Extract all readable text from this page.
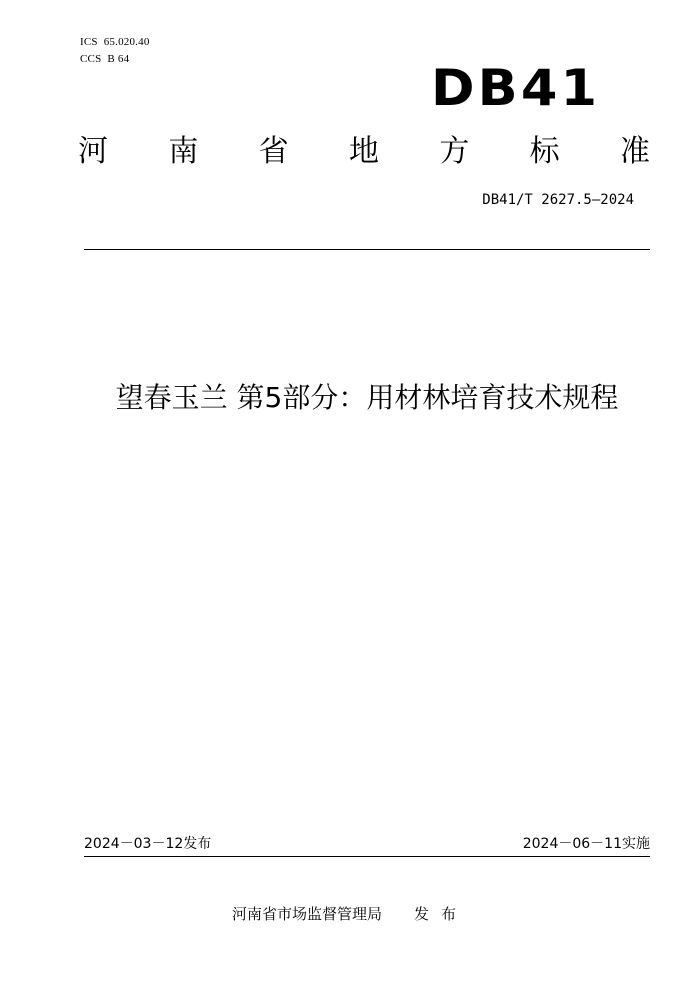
ICS 65.020.40
CCS B 64	DB41
河 南 省 地 方 标 准
DB41/T 2627.5—2024
望春玉兰 第5部分：用材林培育技术规程
2024－03－12发布	2024－06－11实施
河南省市场监督管理局 发布
